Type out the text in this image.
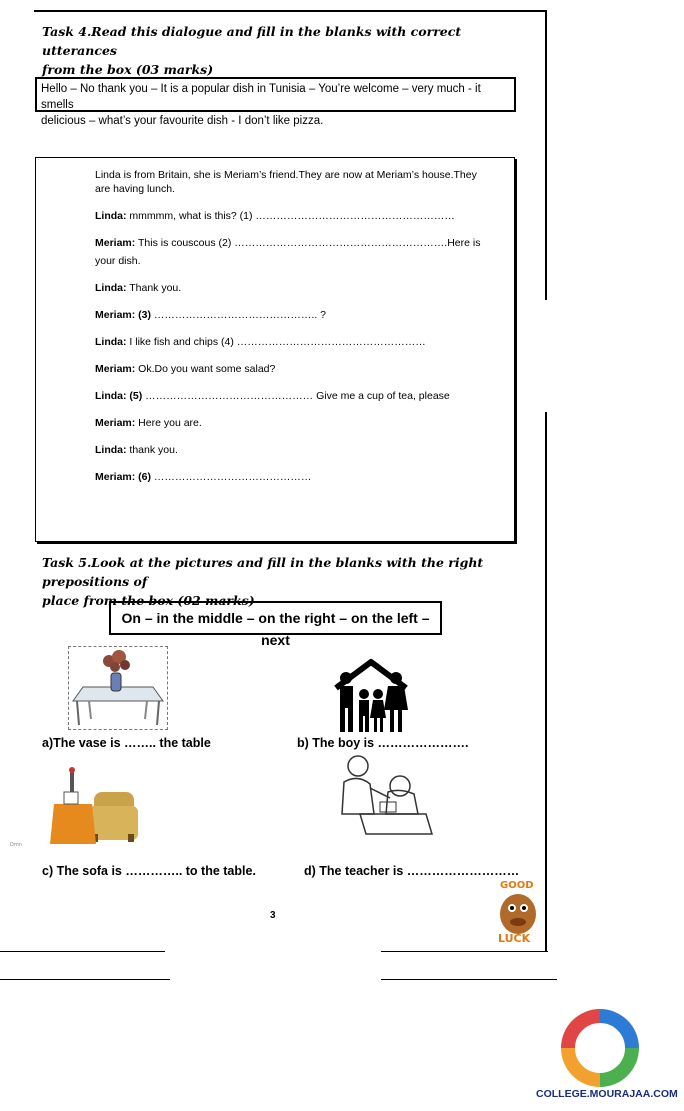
Task 4.Read this dialogue and fill in the blanks with correct utterances
from the box (03 marks)
Hello – No thank you – It is a popular dish in Tunisia – You’re welcome – very much - it smells
delicious – what’s your favourite dish - I don’t like pizza.
Linda is from Britain, she is Meriam’s friend.They are now at Meriam’s house.They
are having lunch.
Linda: mmmmm, what is this? (1) …………………………………………………
Meriam: This is couscous (2) …………………………………………………….Here is
your dish.
Linda: Thank you.
Meriam: (3) ……………………………………….. ?
Linda: I like fish and chips (4) ………………………………………………
Meriam: Ok.Do you want some salad?
Linda: (5) ………………………………………… Give me a cup of tea, please
Meriam: Here you are.
Linda: thank you.
Meriam: (6) ………………………………………
Task 5.Look at the pictures and fill in the blanks with the right prepositions of
place from the box (02 marks)
On – in the middle – on the right – on the left – next
a)The vase is …….. the table	b) The boy is ………………….
Dmn
c) The sofa is ………….. to the table.	d) The teacher is ………………………
GOOD
LUCK
3
COLLEGE.MOURAJAA.COM
